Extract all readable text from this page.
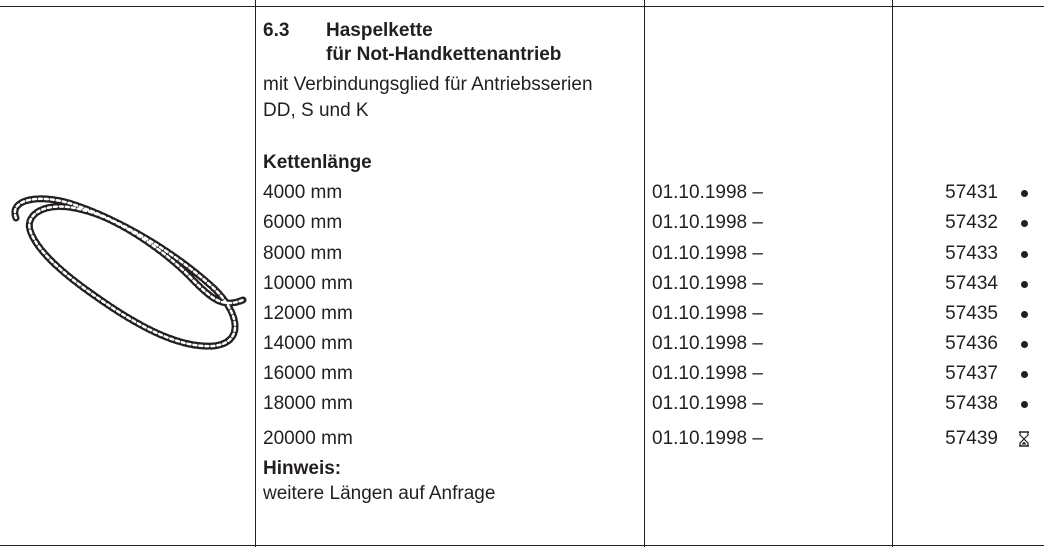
6.3 Haspelkette
für Not-Handkettenantrieb
mit Verbindungsglied für Antriebsserien
DD, S und K
Kettenlänge
4000 mm	01.10.1998 –	57431
6000 mm	01.10.1998 –	57432
8000 mm	01.10.1998 –	57433
10000 mm	01.10.1998 –	57434
12000 mm	01.10.1998 –	57435
14000 mm	01.10.1998 –	57436
16000 mm	01.10.1998 –	57437
18000 mm	01.10.1998 –	57438
20000 mm	01.10.1998 –	57439
Hinweis:
weitere Längen auf Anfrage
